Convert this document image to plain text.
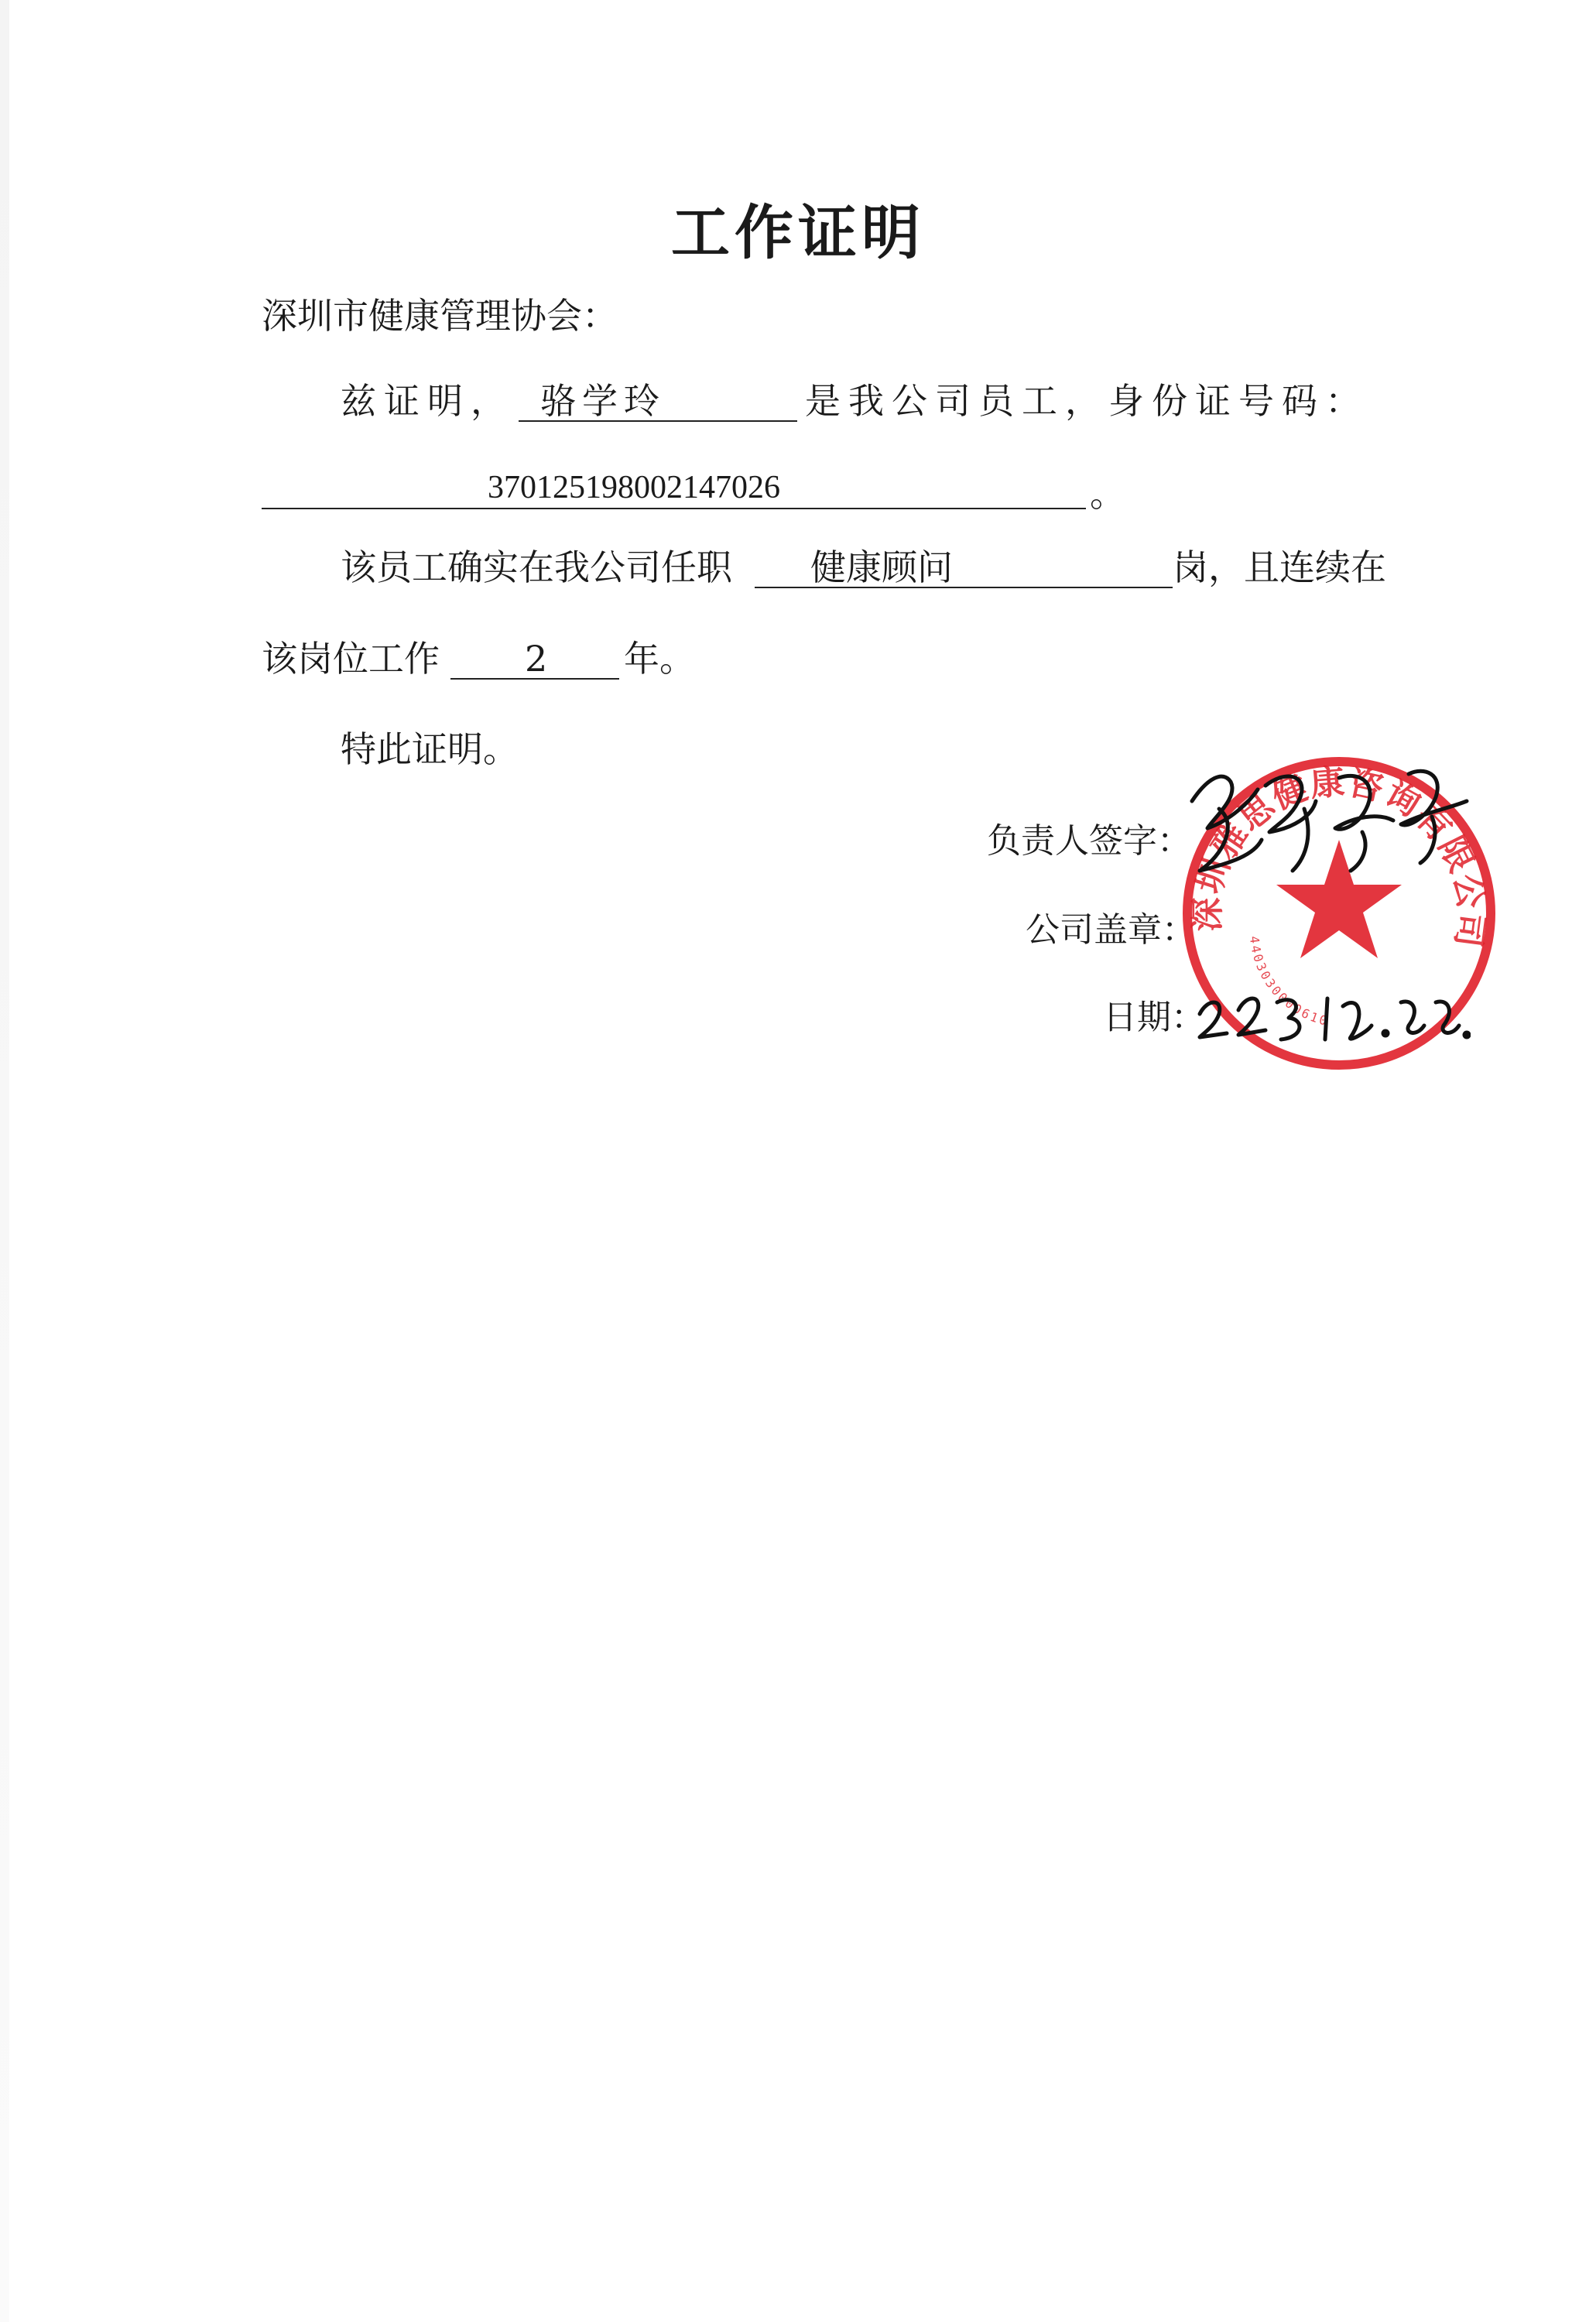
工作证明
深圳市健康管理协会：
兹证明， 骆学玲	是我公司员工，身份证号码：
370125198002147026	。
该员工确实在我公司任职 健康顾问	岗，且连续在
该岗位工作 2 年。
特此证明。
负责人签字：
公司盖章：
日期：
深圳雅思健康咨询有限公司
4403030000610
